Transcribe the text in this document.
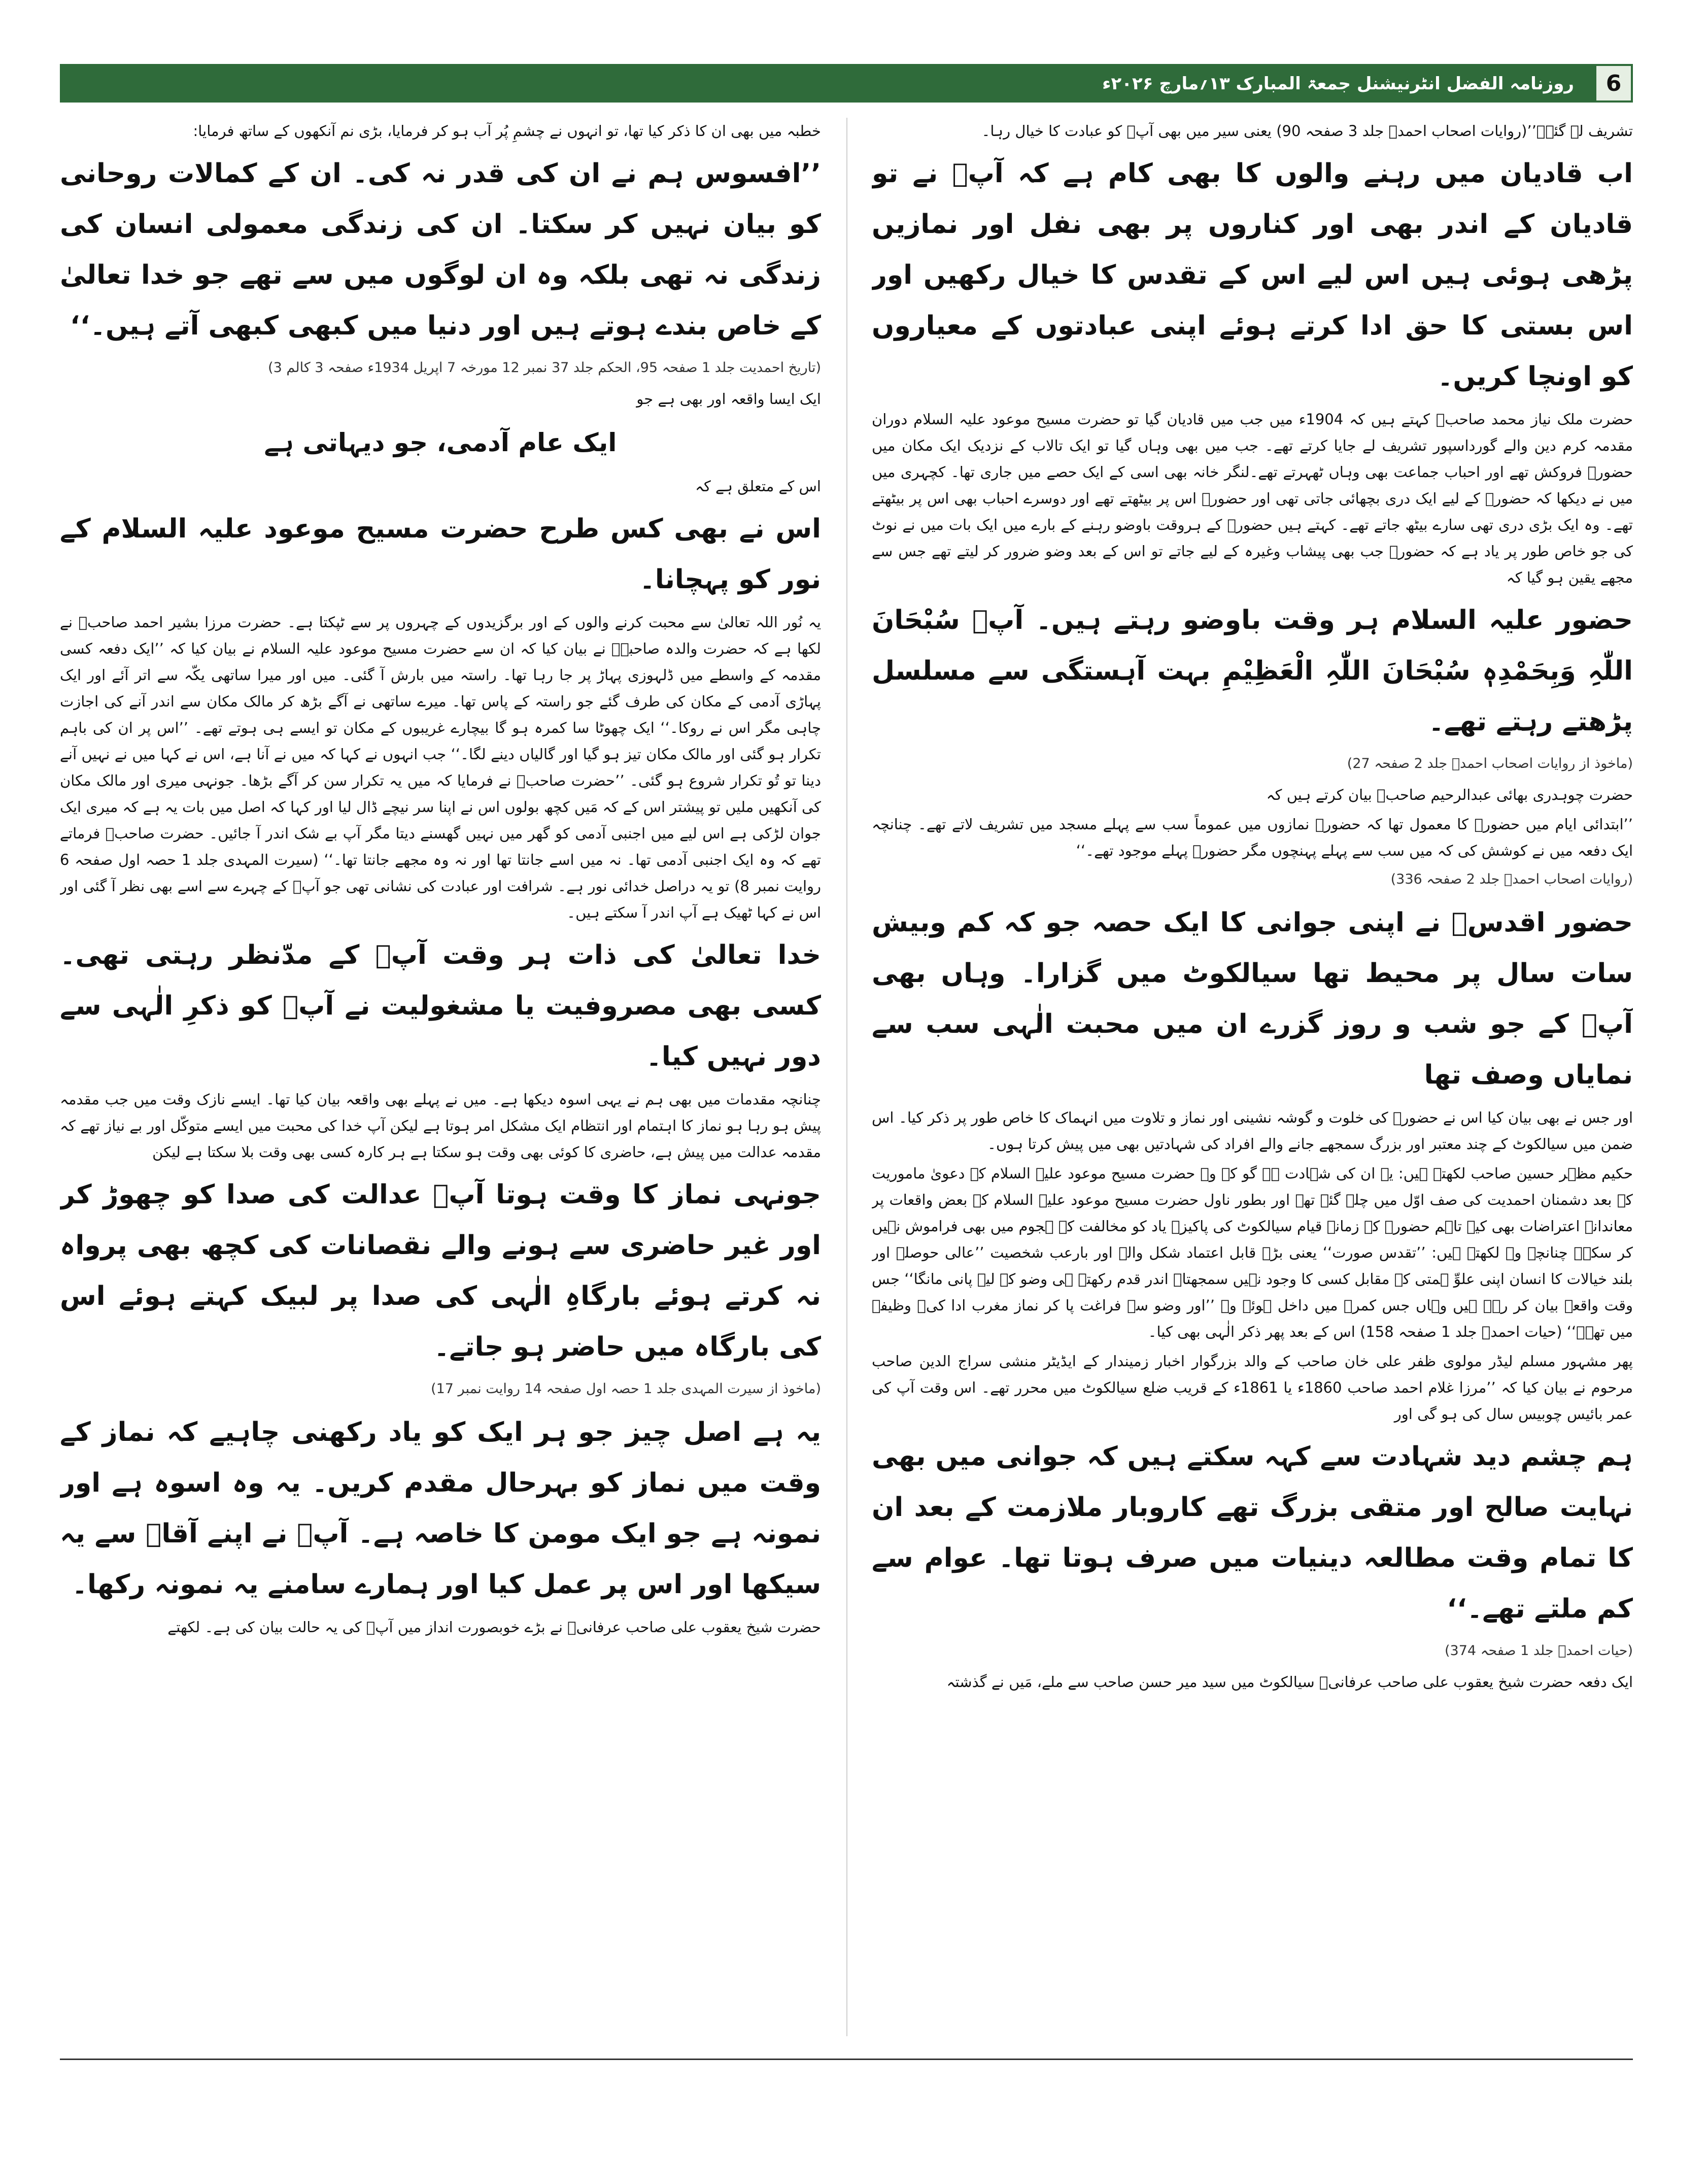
روزنامہ الفضل انٹرنیشنل جمعۃ المبارک ۱۳؍مارچ ۲۰۲۶ء	6

تشریف لے گئے۔’’(روایات اصحاب احمدؑ جلد 3 صفحہ 90) یعنی سیر میں بھی آپؑ کو عبادت کا خیال رہا۔

اب قادیان میں رہنے والوں کا بھی کام ہے کہ آپؑ نے تو قادیان کے اندر بھی اور کناروں پر بھی نفل اور نمازیں پڑھی ہوئی ہیں اس لیے اس کے تقدس کا خیال رکھیں اور اس بستی کا حق ادا کرتے ہوئے اپنی عبادتوں کے معیاروں کو اونچا کریں۔

حضرت ملک نیاز محمد صاحبؓ کہتے ہیں کہ 1904ء میں جب میں قادیان گیا تو حضرت مسیح موعود علیہ السلام دوران مقدمہ کرم دین والے گورداسپور تشریف لے جایا کرتے تھے۔ جب میں بھی وہاں گیا تو ایک تالاب کے نزدیک ایک مکان میں حضورؑ فروکش تھے اور احباب جماعت بھی وہاں ٹھہرتے تھے۔لنگر خانہ بھی اسی کے ایک حصے میں جاری تھا۔ کچہری میں میں نے دیکھا کہ حضورؑ کے لیے ایک دری بچھائی جاتی تھی اور حضورؑ اس پر بیٹھتے تھے اور دوسرے احباب بھی اس پر بیٹھتے تھے۔ وہ ایک بڑی دری تھی سارے بیٹھ جاتے تھے۔ کہتے ہیں حضورؑ کے ہروقت باوضو رہنے کے بارے میں ایک بات میں نے نوٹ کی جو خاص طور پر یاد ہے کہ حضورؑ جب بھی پیشاب وغیرہ کے لیے جاتے تو اس کے بعد وضو ضرور کر لیتے تھے جس سے مجھے یقین ہو گیا کہ

حضور علیہ السلام ہر وقت باوضو رہتے ہیں۔ آپؑ سُبْحَانَ اللّٰہِ وَبِحَمْدِہٖ سُبْحَانَ اللّٰہِ الْعَظِیْمِ بہت آہستگی سے مسلسل پڑھتے رہتے تھے۔

(ماخوذ از روایات اصحاب احمدؑ جلد 2 صفحہ 27)

حضرت چوہدری بھائی عبدالرحیم صاحبؓ بیان کرتے ہیں کہ

’’ابتدائی ایام میں حضورؑ کا معمول تھا کہ حضورؑ نمازوں میں عموماً سب سے پہلے مسجد میں تشریف لاتے تھے۔ چنانچہ ایک دفعہ میں نے کوشش کی کہ میں سب سے پہلے پہنچوں مگر حضورؑ پہلے موجود تھے۔‘‘

(روایات اصحاب احمدؑ جلد 2 صفحہ 336)

حضور اقدسؑ نے اپنی جوانی کا ایک حصہ جو کہ کم وبیش سات سال پر محیط تھا سیالکوٹ میں گزارا۔ وہاں بھی آپؑ کے جو شب و روز گزرے ان میں محبت الٰہی سب سے نمایاں وصف تھا

اور جس نے بھی بیان کیا اس نے حضورؑ کی خلوت و گوشہ نشینی اور نماز و تلاوت میں انہماک کا خاص طور پر ذکر کیا۔ اس ضمن میں سیالکوٹ کے چند معتبر اور بزرگ سمجھے جانے والے افراد کی شہادتیں بھی میں پیش کرتا ہوں۔

حکیم مظہر حسین صاحب لکھتے ہیں: یہ ان کی شہادت ہے گو کہ وہ حضرت مسیح موعود علیہ السلام کے دعویٰ ماموریت کے بعد دشمنان احمدیت کی صف اوّل میں چلے گئے تھے اور بطور ناول حضرت مسیح موعود علیہ السلام کے بعض واقعات پر معاندانہ اعتراضات بھی کیے تاہم حضورؑ کے زمانہ قیام سیالکوٹ کی پاکیزہ یاد کو مخالفت کے ہجوم میں بھی فراموش نہیں کر سکے۔ چنانچہ وہ لکھتے ہیں: ’’تقدس صورت‘‘ یعنی بڑے قابل اعتماد شکل والے اور بارعب شخصیت ’’عالی حوصلہ اور بلند خیالات کا انسان اپنی علوِّ ہمتی کے مقابل کسی کا وجود نہیں سمجھتا۔ اندر قدم رکھتے ہی وضو کے لیے پانی مانگا‘‘ جس وقت واقعہ بیان کر رہے ہیں وہاں جس کمرے میں داخل ہوئے وہ ’’اور وضو سے فراغت پا کر نماز مغرب ادا کی۔ وظیفہ میں تھے۔‘‘ (حیات احمدؑ جلد 1 صفحہ 158) اس کے بعد پھر ذکر الٰہی بھی کیا۔

پھر مشہور مسلم لیڈر مولوی ظفر علی خان صاحب کے والد بزرگوار اخبار زمیندار کے ایڈیٹر منشی سراج الدین صاحب مرحوم نے بیان کیا کہ ’’مرزا غلام احمد صاحب 1860ء یا 1861ء کے قریب ضلع سیالکوٹ میں محرر تھے۔ اس وقت آپ کی عمر بائیس چوبیس سال کی ہو گی اور

ہم چشم دید شہادت سے کہہ سکتے ہیں کہ جوانی میں بھی نہایت صالح اور متقی بزرگ تھے کاروبار ملازمت کے بعد ان کا تمام وقت مطالعہ دینیات میں صرف ہوتا تھا۔ عوام سے کم ملتے تھے۔‘‘

(حیات احمدؑ جلد 1 صفحہ 374)

ایک دفعہ حضرت شیخ یعقوب علی صاحب عرفانیؓ سیالکوٹ میں سید میر حسن صاحب سے ملے، مَیں نے گذشتہ

خطبہ میں بھی ان کا ذکر کیا تھا، تو انہوں نے چشمِ پُر آب ہو کر فرمایا، بڑی نم آنکھوں کے ساتھ فرمایا:

’’افسوس ہم نے ان کی قدر نہ کی۔ ان کے کمالات روحانی کو بیان نہیں کر سکتا۔ ان کی زندگی معمولی انسان کی زندگی نہ تھی بلکہ وہ ان لوگوں میں سے تھے جو خدا تعالیٰ کے خاص بندے ہوتے ہیں اور دنیا میں کبھی کبھی آتے ہیں۔‘‘

(تاریخ احمدیت جلد 1 صفحہ 95، الحکم جلد 37 نمبر 12 مورخہ 7 اپریل 1934ء صفحہ 3 کالم 3)

ایک ایسا واقعہ اور بھی ہے جو

ایک عام آدمی، جو دیہاتی ہے

اس کے متعلق ہے کہ

اس نے بھی کس طرح حضرت مسیح موعود علیہ السلام کے نور کو پہچانا۔

یہ نُور اللہ تعالیٰ سے محبت کرنے والوں کے اور برگزیدوں کے چہروں پر سے ٹپکتا ہے۔ حضرت مرزا بشیر احمد صاحبؓ نے لکھا ہے کہ حضرت والدہ صاحبہؓ نے بیان کیا کہ ان سے حضرت مسیح موعود علیہ السلام نے بیان کیا کہ ’’ایک دفعہ کسی مقدمہ کے واسطے میں ڈلہوزی پہاڑ پر جا رہا تھا۔ راستہ میں بارش آ گئی۔ میں اور میرا ساتھی یکّہ سے اتر آئے اور ایک پہاڑی آدمی کے مکان کی طرف گئے جو راستہ کے پاس تھا۔ میرے ساتھی نے آگے بڑھ کر مالک مکان سے اندر آنے کی اجازت چاہی مگر اس نے روکا۔‘‘ ایک چھوٹا سا کمرہ ہو گا بیچارے غریبوں کے مکان تو ایسے ہی ہوتے تھے۔ ’’اس پر ان کی باہم تکرار ہو گئی اور مالک مکان تیز ہو گیا اور گالیاں دینے لگا۔‘‘ جب انہوں نے کہا کہ میں نے آنا ہے، اس نے کہا میں نے نہیں آنے دینا تو تُو تکرار شروع ہو گئی۔ ’’حضرت صاحبؑ نے فرمایا کہ میں یہ تکرار سن کر آگے بڑھا۔ جونہی میری اور مالک مکان کی آنکھیں ملیں تو پیشتر اس کے کہ مَیں کچھ بولوں اس نے اپنا سر نیچے ڈال لیا اور کہا کہ اصل میں بات یہ ہے کہ میری ایک جوان لڑکی ہے اس لیے میں اجنبی آدمی کو گھر میں نہیں گھسنے دیتا مگر آپ بے شک اندر آ جائیں۔ حضرت صاحبؑ فرماتے تھے کہ وہ ایک اجنبی آدمی تھا۔ نہ میں اسے جانتا تھا اور نہ وہ مجھے جانتا تھا۔‘‘ (سیرت المہدی جلد 1 حصہ اول صفحہ 6 روایت نمبر 8) تو یہ دراصل خدائی نور ہے۔ شرافت اور عبادت کی نشانی تھی جو آپؑ کے چہرے سے اسے بھی نظر آ گئی اور اس نے کہا ٹھیک ہے آپ اندر آ سکتے ہیں۔

خدا تعالیٰ کی ذات ہر وقت آپؑ کے مدّنظر رہتی تھی۔ کسی بھی مصروفیت یا مشغولیت نے آپؑ کو ذکرِ الٰہی سے دور نہیں کیا۔

چنانچہ مقدمات میں بھی ہم نے یہی اسوہ دیکھا ہے۔ میں نے پہلے بھی واقعہ بیان کیا تھا۔ ایسے نازک وقت میں جب مقدمہ پیش ہو رہا ہو نماز کا اہتمام اور انتظام ایک مشکل امر ہوتا ہے لیکن آپ خدا کی محبت میں ایسے متوکّل اور بے نیاز تھے کہ مقدمہ عدالت میں پیش ہے، حاضری کا کوئی بھی وقت ہو سکتا ہے ہر کارہ کسی بھی وقت بلا سکتا ہے لیکن

جونہی نماز کا وقت ہوتا آپؑ عدالت کی صدا کو چھوڑ کر اور غیر حاضری سے ہونے والے نقصانات کی کچھ بھی پرواہ نہ کرتے ہوئے بارگاہِ الٰہی کی صدا پر لبیک کہتے ہوئے اس کی بارگاہ میں حاضر ہو جاتے۔

(ماخوذ از سیرت المہدی جلد 1 حصہ اول صفحہ 14 روایت نمبر 17)

یہ ہے اصل چیز جو ہر ایک کو یاد رکھنی چاہیے کہ نماز کے وقت میں نماز کو بہرحال مقدم کریں۔ یہ وہ اسوہ ہے اور نمونہ ہے جو ایک مومن کا خاصہ ہے۔ آپؑ نے اپنے آقاؐ سے یہ سیکھا اور اس پر عمل کیا اور ہمارے سامنے یہ نمونہ رکھا۔

حضرت شیخ یعقوب علی صاحب عرفانیؓ نے بڑے خوبصورت انداز میں آپؑ کی یہ حالت بیان کی ہے۔ لکھتے
